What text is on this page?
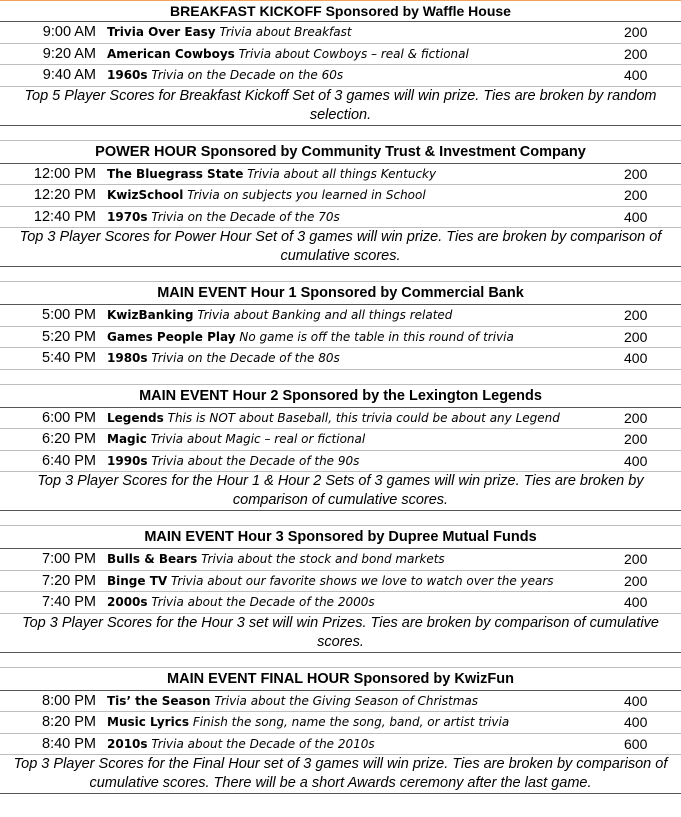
BREAKFAST KICKOFF Sponsored by Waffle House
9:00 AM Trivia Over Easy Trivia about Breakfast	200
9:20 AM American Cowboys Trivia about Cowboys – real & fictional	200
9:40 AM 1960s Trivia on the Decade on the 60s	400
Top 5 Player Scores for Breakfast Kickoff Set of 3 games will win prize. Ties are broken by random selection.
POWER HOUR Sponsored by Community Trust & Investment Company
12:00 PM The Bluegrass State Trivia about all things Kentucky	200
12:20 PM KwizSchool Trivia on subjects you learned in School	200
12:40 PM 1970s Trivia on the Decade of the 70s	400
Top 3 Player Scores for Power Hour Set of 3 games will win prize. Ties are broken by comparison of cumulative scores.
MAIN EVENT Hour 1 Sponsored by Commercial Bank
5:00 PM KwizBanking Trivia about Banking and all things related	200
5:20 PM Games People Play No game is off the table in this round of trivia	200
5:40 PM 1980s Trivia on the Decade of the 80s	400
MAIN EVENT Hour 2 Sponsored by the Lexington Legends
6:00 PM Legends This is NOT about Baseball, this trivia could be about any Legend	200
6:20 PM Magic Trivia about Magic – real or fictional	200
6:40 PM 1990s Trivia about the Decade of the 90s	400
Top 3 Player Scores for the Hour 1 & Hour 2 Sets of 3 games will win prize. Ties are broken by comparison of cumulative scores.
MAIN EVENT Hour 3 Sponsored by Dupree Mutual Funds
7:00 PM Bulls & Bears Trivia about the stock and bond markets	200
7:20 PM Binge TV Trivia about our favorite shows we love to watch over the years	200
7:40 PM 2000s Trivia about the Decade of the 2000s	400
Top 3 Player Scores for the Hour 3 set will win Prizes. Ties are broken by comparison of cumulative scores.
MAIN EVENT FINAL HOUR Sponsored by KwizFun
8:00 PM Tis’ the Season Trivia about the Giving Season of Christmas	400
8:20 PM Music Lyrics Finish the song, name the song, band, or artist trivia	400
8:40 PM 2010s Trivia about the Decade of the 2010s	600
Top 3 Player Scores for the Final Hour set of 3 games will win prize. Ties are broken by comparison of cumulative scores. There will be a short Awards ceremony after the last game.
